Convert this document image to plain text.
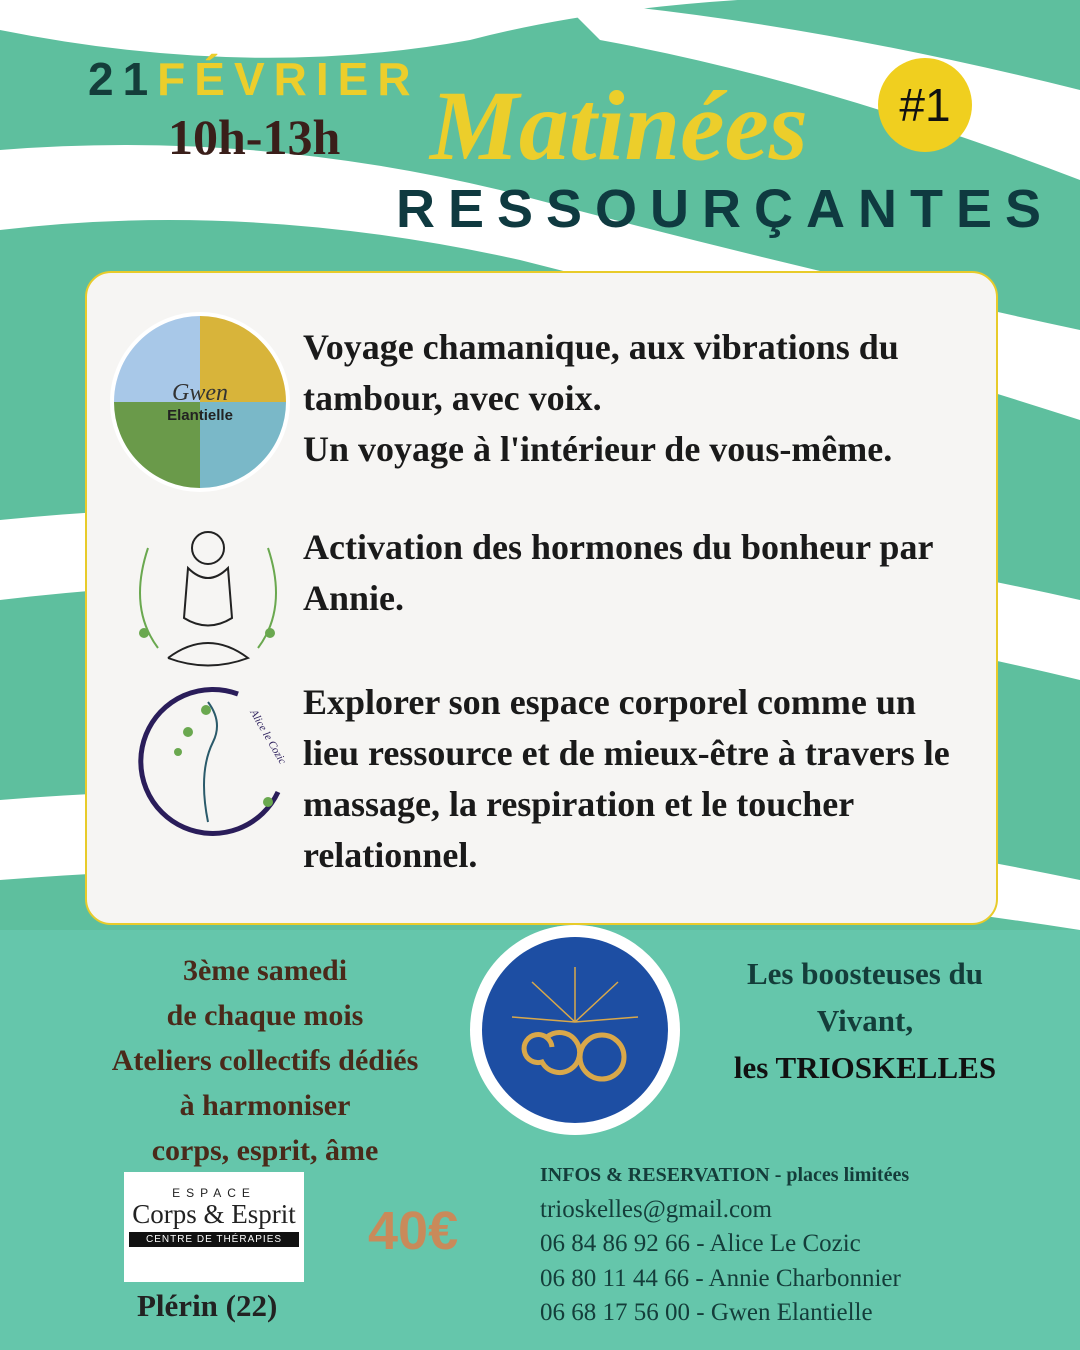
21FÉVRIER
10h-13h Matinées	#1
RESSOURÇANTES
Gwen
Elantielle
Voyage chamanique, aux vibrations du tambour, avec voix.
Un voyage à l'intérieur de vous-même.
Activation des hormones du bonheur par Annie.
Alice le Cozic
Explorer son espace corporel comme un lieu ressource et de mieux-être à travers le massage, la respiration et le toucher relationnel.
3ème samedi
de chaque mois
Ateliers collectifs dédiés
à harmoniser
corps, esprit, âme
Les boosteuses du
Vivant,
les TRIOSKELLES
ESPACE
Corps & Esprit
CENTRE DE THÉRAPIES	40€
Plérin (22)
INFOS & RESERVATION - places limitées
trioskelles@gmail.com
06 84 86 92 66 - Alice Le Cozic
06 80 11 44 66 - Annie Charbonnier
06 68 17 56 00 - Gwen Elantielle
